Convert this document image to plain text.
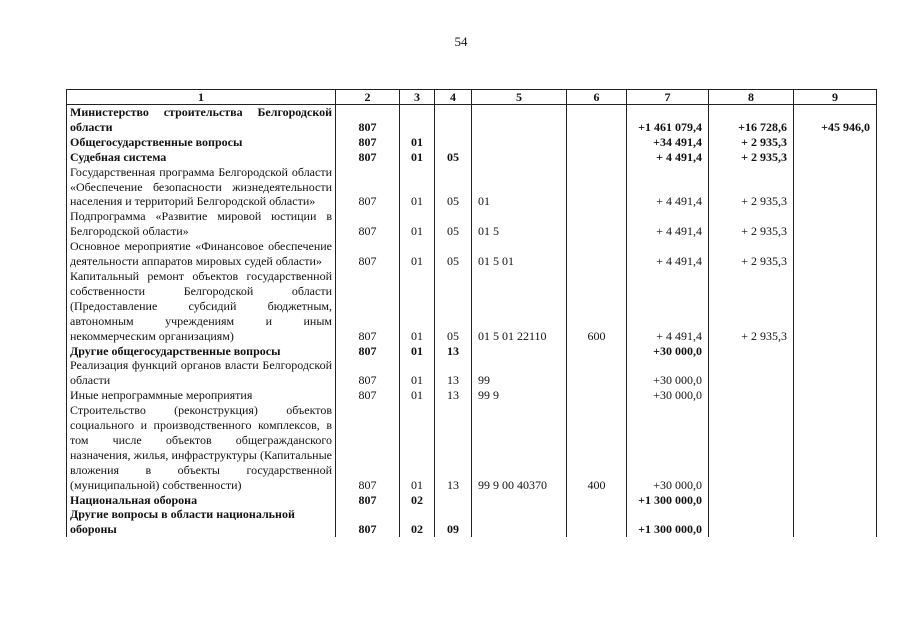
54
1	2	3	4	5	6	7	8	9
Министерство строительства Белгородской области	807					+1 461 079,4	+16 728,6	+45 946,0
Общегосударственные вопросы	807	01				+34 491,4	+ 2 935,3	
Судебная система	807	01	05			+ 4 491,4	+ 2 935,3	
Государственная программа Белгородской области «Обеспечение безопасности жизнедеятельности населения и территорий Белгородской области»	807	01	05	01		+ 4 491,4	+ 2 935,3	
Подпрограмма «Развитие мировой юстиции в Белгородской области»	807	01	05	01 5		+ 4 491,4	+ 2 935,3	
Основное мероприятие «Финансовое обеспечение деятельности аппаратов мировых судей области»	807	01	05	01 5 01		+ 4 491,4	+ 2 935,3	
Капитальный ремонт объектов государственной собственности Белгородской области (Предоставление субсидий бюджетным, автономным учреждениям и иным некоммерческим организациям)	807	01	05	01 5 01 22110	600	+ 4 491,4	+ 2 935,3	
Другие общегосударственные вопросы	807	01	13			+30 000,0		
Реализация функций органов власти Белгородской области	807	01	13	99		+30 000,0		
Иные непрограммные мероприятия	807	01	13	99 9		+30 000,0		
Строительство (реконструкция) объектов социального и производственного комплексов, в том числе объектов общегражданского назначения, жилья, инфраструктуры (Капитальные вложения в объекты государственной (муниципальной) собственности)	807	01	13	99 9 00 40370	400	+30 000,0		
Национальная оборона	807	02				+1 300 000,0		
Другие вопросы в области национальной обороны	807	02	09			+1 300 000,0		
